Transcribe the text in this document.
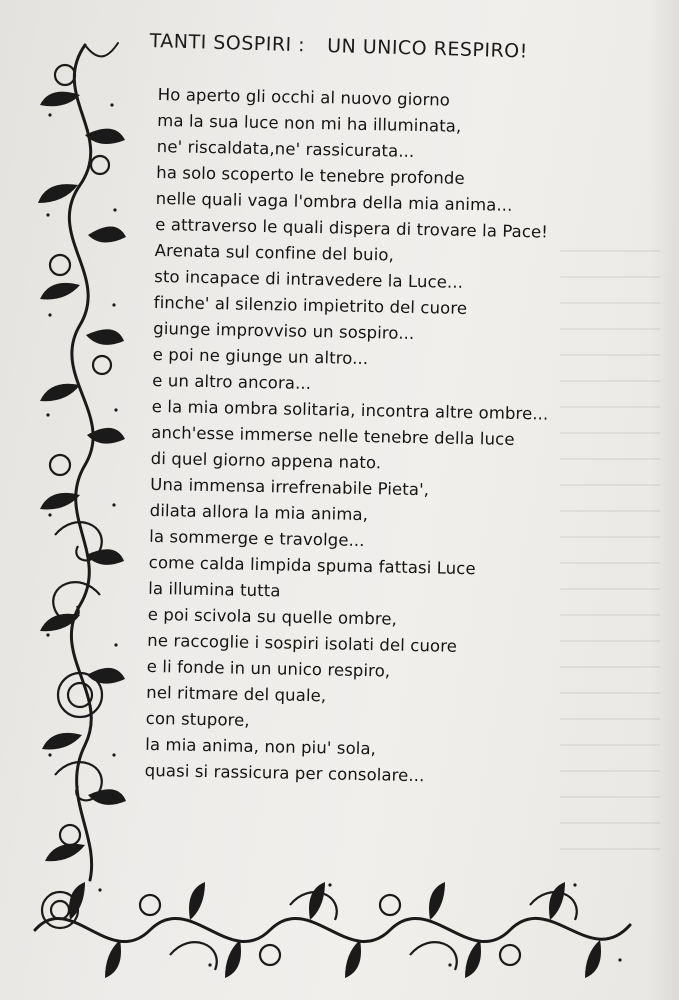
TANTI SOSPIRI : UN UNICO RESPIRO!
Ho aperto gli occhi al nuovo giorno
ma la sua luce non mi ha illuminata,
ne' riscaldata,ne' rassicurata...
ha solo scoperto le tenebre profonde
nelle quali vaga l'ombra della mia anima...
e attraverso le quali dispera di trovare la Pace!
Arenata sul confine del buio,
sto incapace di intravedere la Luce...
finche' al silenzio impietrito del cuore
giunge improvviso un sospiro...
e poi ne giunge un altro...
e un altro ancora...
e la mia ombra solitaria, incontra altre ombre...
anch'esse immerse nelle tenebre della luce
di quel giorno appena nato.
Una immensa irrefrenabile Pieta',
dilata allora la mia anima,
la sommerge e travolge...
come calda limpida spuma fattasi Luce
la illumina tutta
e poi scivola su quelle ombre,
ne raccoglie i sospiri isolati del cuore
e li fonde in un unico respiro,
nel ritmare del quale,
con stupore,
la mia anima, non piu' sola,
quasi si rassicura per consolare...
